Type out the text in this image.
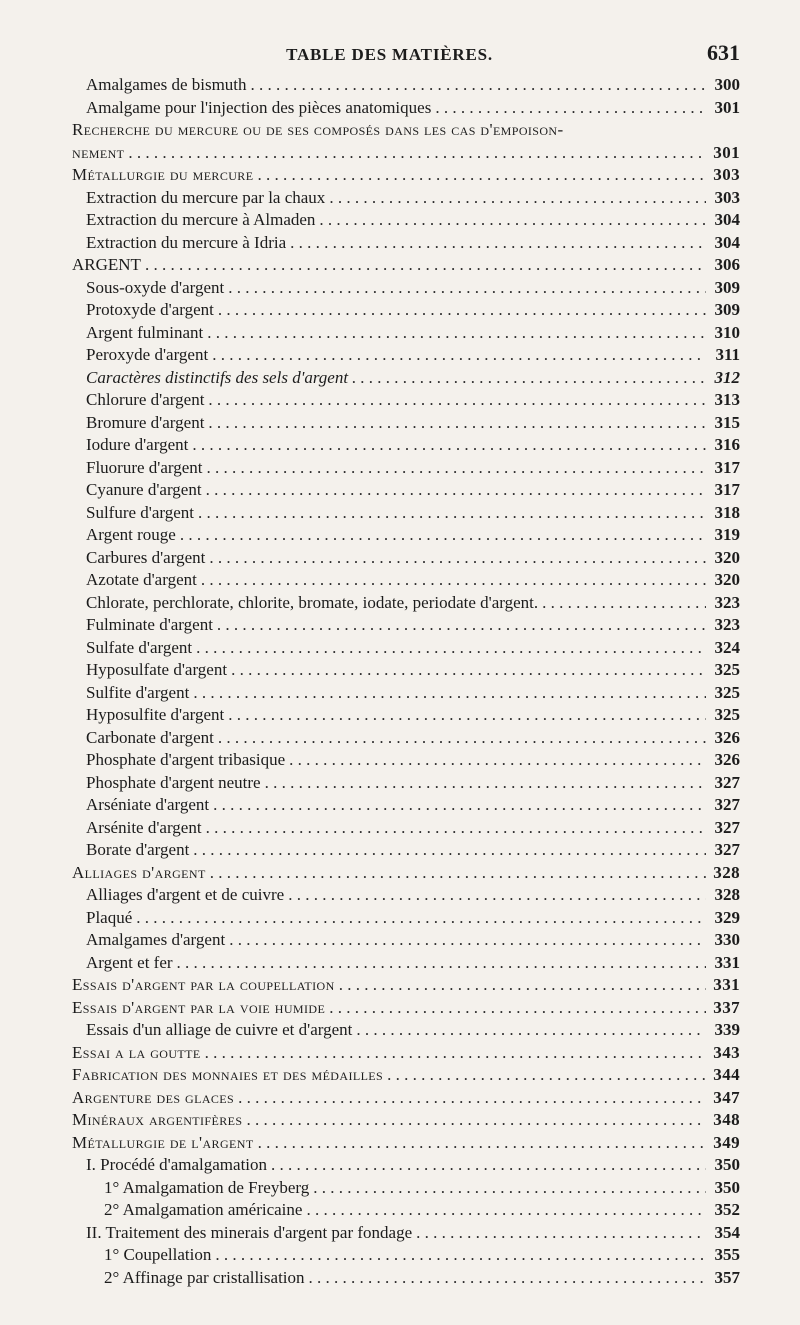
TABLE DES MATIÈRES.	631
Amalgames de bismuth . . .	300
Amalgame pour l'injection des pièces anatomiques . . .	301
Recherche du mercure ou de ses composés dans les cas d'empoison-
nement . . .	301
Métallurgie du mercure . . .	303
Extraction du mercure par la chaux . . .	303
Extraction du mercure à Almaden . . .	304
Extraction du mercure à Idria . . .	304
ARGENT . . .	306
Sous-oxyde d'argent . . .	309
Protoxyde d'argent . . .	309
Argent fulminant . . .	310
Peroxyde d'argent . . .	311
Caractères distinctifs des sels d'argent . . .	312
Chlorure d'argent . . .	313
Bromure d'argent . . .	315
Iodure d'argent . . .	316
Fluorure d'argent . . .	317
Cyanure d'argent . . .	317
Sulfure d'argent . . .	318
Argent rouge . . .	319
Carbures d'argent . . .	320
Azotate d'argent . . .	320
Chlorate, perchlorate, chlorite, bromate, iodate, periodate d'argent. . . .	323
Fulminate d'argent . . .	323
Sulfate d'argent . . .	324
Hyposulfate d'argent . . .	325
Sulfite d'argent . . .	325
Hyposulfite d'argent . . .	325
Carbonate d'argent . . .	326
Phosphate d'argent tribasique . . .	326
Phosphate d'argent neutre . . .	327
Arséniate d'argent . . .	327
Arsénite d'argent . . .	327
Borate d'argent . . .	327
Alliages d'argent . . .	328
Alliages d'argent et de cuivre . . .	328
Plaqué . . .	329
Amalgames d'argent . . .	330
Argent et fer . . .	331
Essais d'argent par la coupellation . . .	331
Essais d'argent par la voie humide . . .	337
Essais d'un alliage de cuivre et d'argent . . .	339
Essai a la goutte . . .	343
Fabrication des monnaies et des médailles . . .	344
Argenture des glaces . . .	347
Minéraux argentifères . . .	348
Métallurgie de l'argent . . .	349
I. Procédé d'amalgamation . . .	350
1° Amalgamation de Freyberg . . .	350
2° Amalgamation américaine . . .	352
II. Traitement des minerais d'argent par fondage . . .	354
1° Coupellation . . .	355
2° Affinage par cristallisation . . .	357
